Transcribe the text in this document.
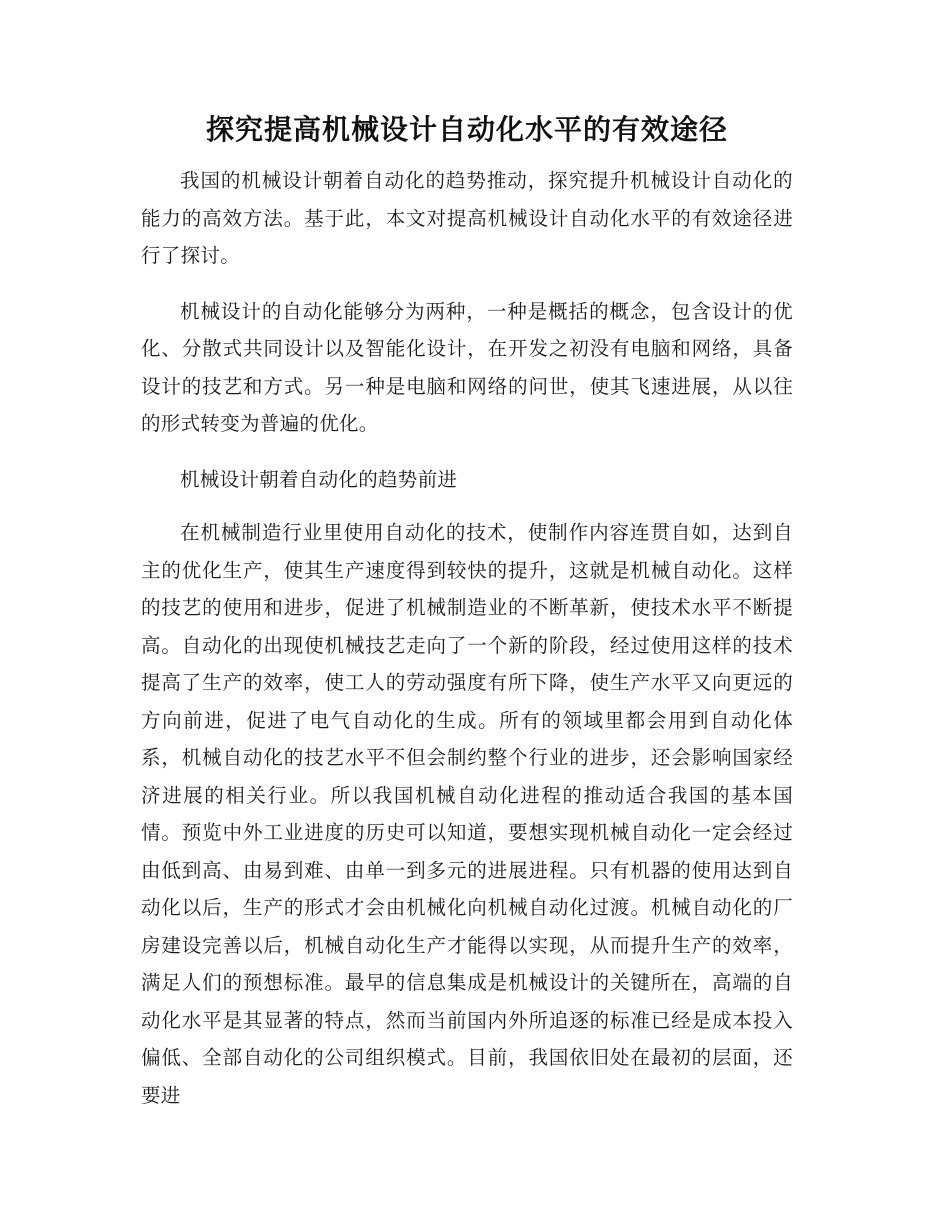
探究提高机械设计自动化水平的有效途径

我国的机械设计朝着自动化的趋势推动，探究提升机械设计自动化的能力的高效方法。基于此，本文对提高机械设计自动化水平的有效途径进行了探讨。

机械设计的自动化能够分为两种，一种是概括的概念，包含设计的优化、分散式共同设计以及智能化设计，在开发之初没有电脑和网络，具备设计的技艺和方式。另一种是电脑和网络的问世，使其飞速进展，从以往的形式转变为普遍的优化。

机械设计朝着自动化的趋势前进

在机械制造行业里使用自动化的技术，使制作内容连贯自如，达到自主的优化生产，使其生产速度得到较快的提升，这就是机械自动化。这样的技艺的使用和进步，促进了机械制造业的不断革新，使技术水平不断提高。自动化的出现使机械技艺走向了一个新的阶段，经过使用这样的技术提高了生产的效率，使工人的劳动强度有所下降，使生产水平又向更远的方向前进，促进了电气自动化的生成。所有的领域里都会用到自动化体系，机械自动化的技艺水平不但会制约整个行业的进步，还会影响国家经济进展的相关行业。所以我国机械自动化进程的推动适合我国的基本国情。预览中外工业进度的历史可以知道，要想实现机械自动化一定会经过由低到高、由易到难、由单一到多元的进展进程。只有机器的使用达到自动化以后，生产的形式才会由机械化向机械自动化过渡。机械自动化的厂房建设完善以后，机械自动化生产才能得以实现，从而提升生产的效率，满足人们的预想标准。最早的信息集成是机械设计的关键所在，高端的自动化水平是其显著的特点，然而当前国内外所追逐的标准已经是成本投入偏低、全部自动化的公司组织模式。目前，我国依旧处在最初的层面，还要进
